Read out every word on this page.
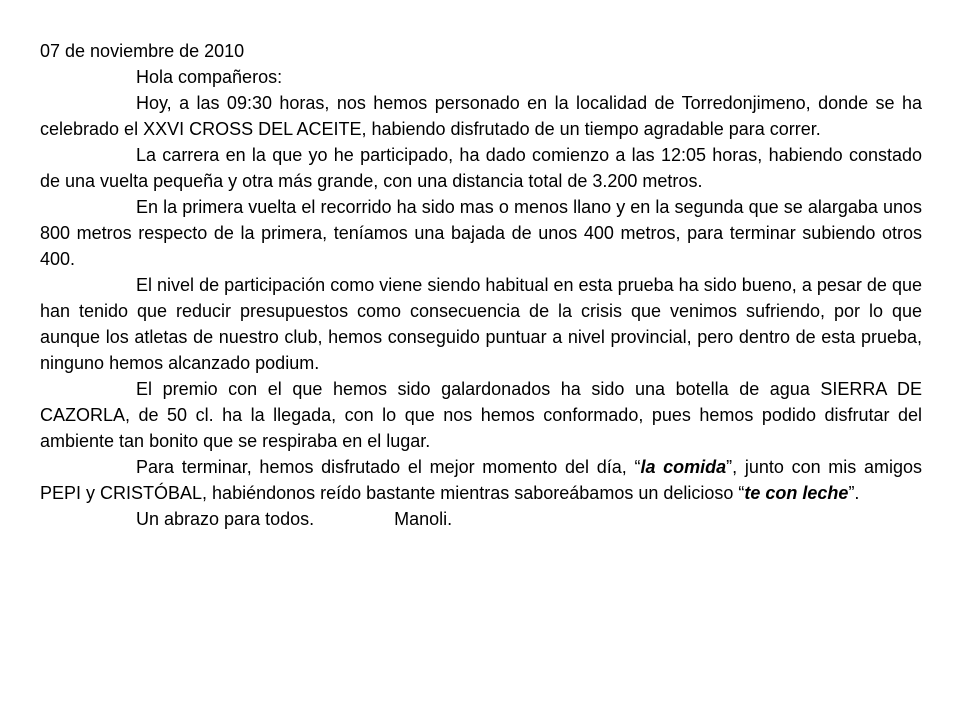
07 de noviembre de 2010

Hola compañeros:

Hoy, a las 09:30 horas, nos hemos personado en la localidad de Torredonjimeno, donde se ha celebrado el XXVI CROSS DEL ACEITE, habiendo disfrutado de un tiempo agradable para correr.

La carrera en la que yo he participado, ha dado comienzo a las 12:05 horas, habiendo constado de una vuelta pequeña y otra más grande, con una distancia total de 3.200 metros.

En la primera vuelta el recorrido ha sido mas o menos llano y en la segunda que se alargaba unos 800 metros respecto de la primera, teníamos una bajada de unos 400 metros, para terminar subiendo otros 400.

El nivel de participación como viene siendo habitual en esta prueba ha sido bueno, a pesar de que han tenido que reducir presupuestos como consecuencia de la crisis que venimos sufriendo, por lo que aunque los atletas de nuestro club, hemos conseguido puntuar a nivel provincial, pero dentro de esta prueba, ninguno hemos alcanzado podium.

El premio con el que hemos sido galardonados ha sido una botella de agua SIERRA DE CAZORLA, de 50 cl. ha la llegada, con lo que nos hemos conformado, pues hemos podido disfrutar del ambiente tan bonito que se respiraba en el lugar.

Para terminar, hemos disfrutado el mejor momento del día, “la comida”, junto con mis amigos PEPI y CRISTÓBAL, habiéndonos reído bastante mientras saboreábamos un delicioso “te con leche”.

Un abrazo para todos.	Manoli.
